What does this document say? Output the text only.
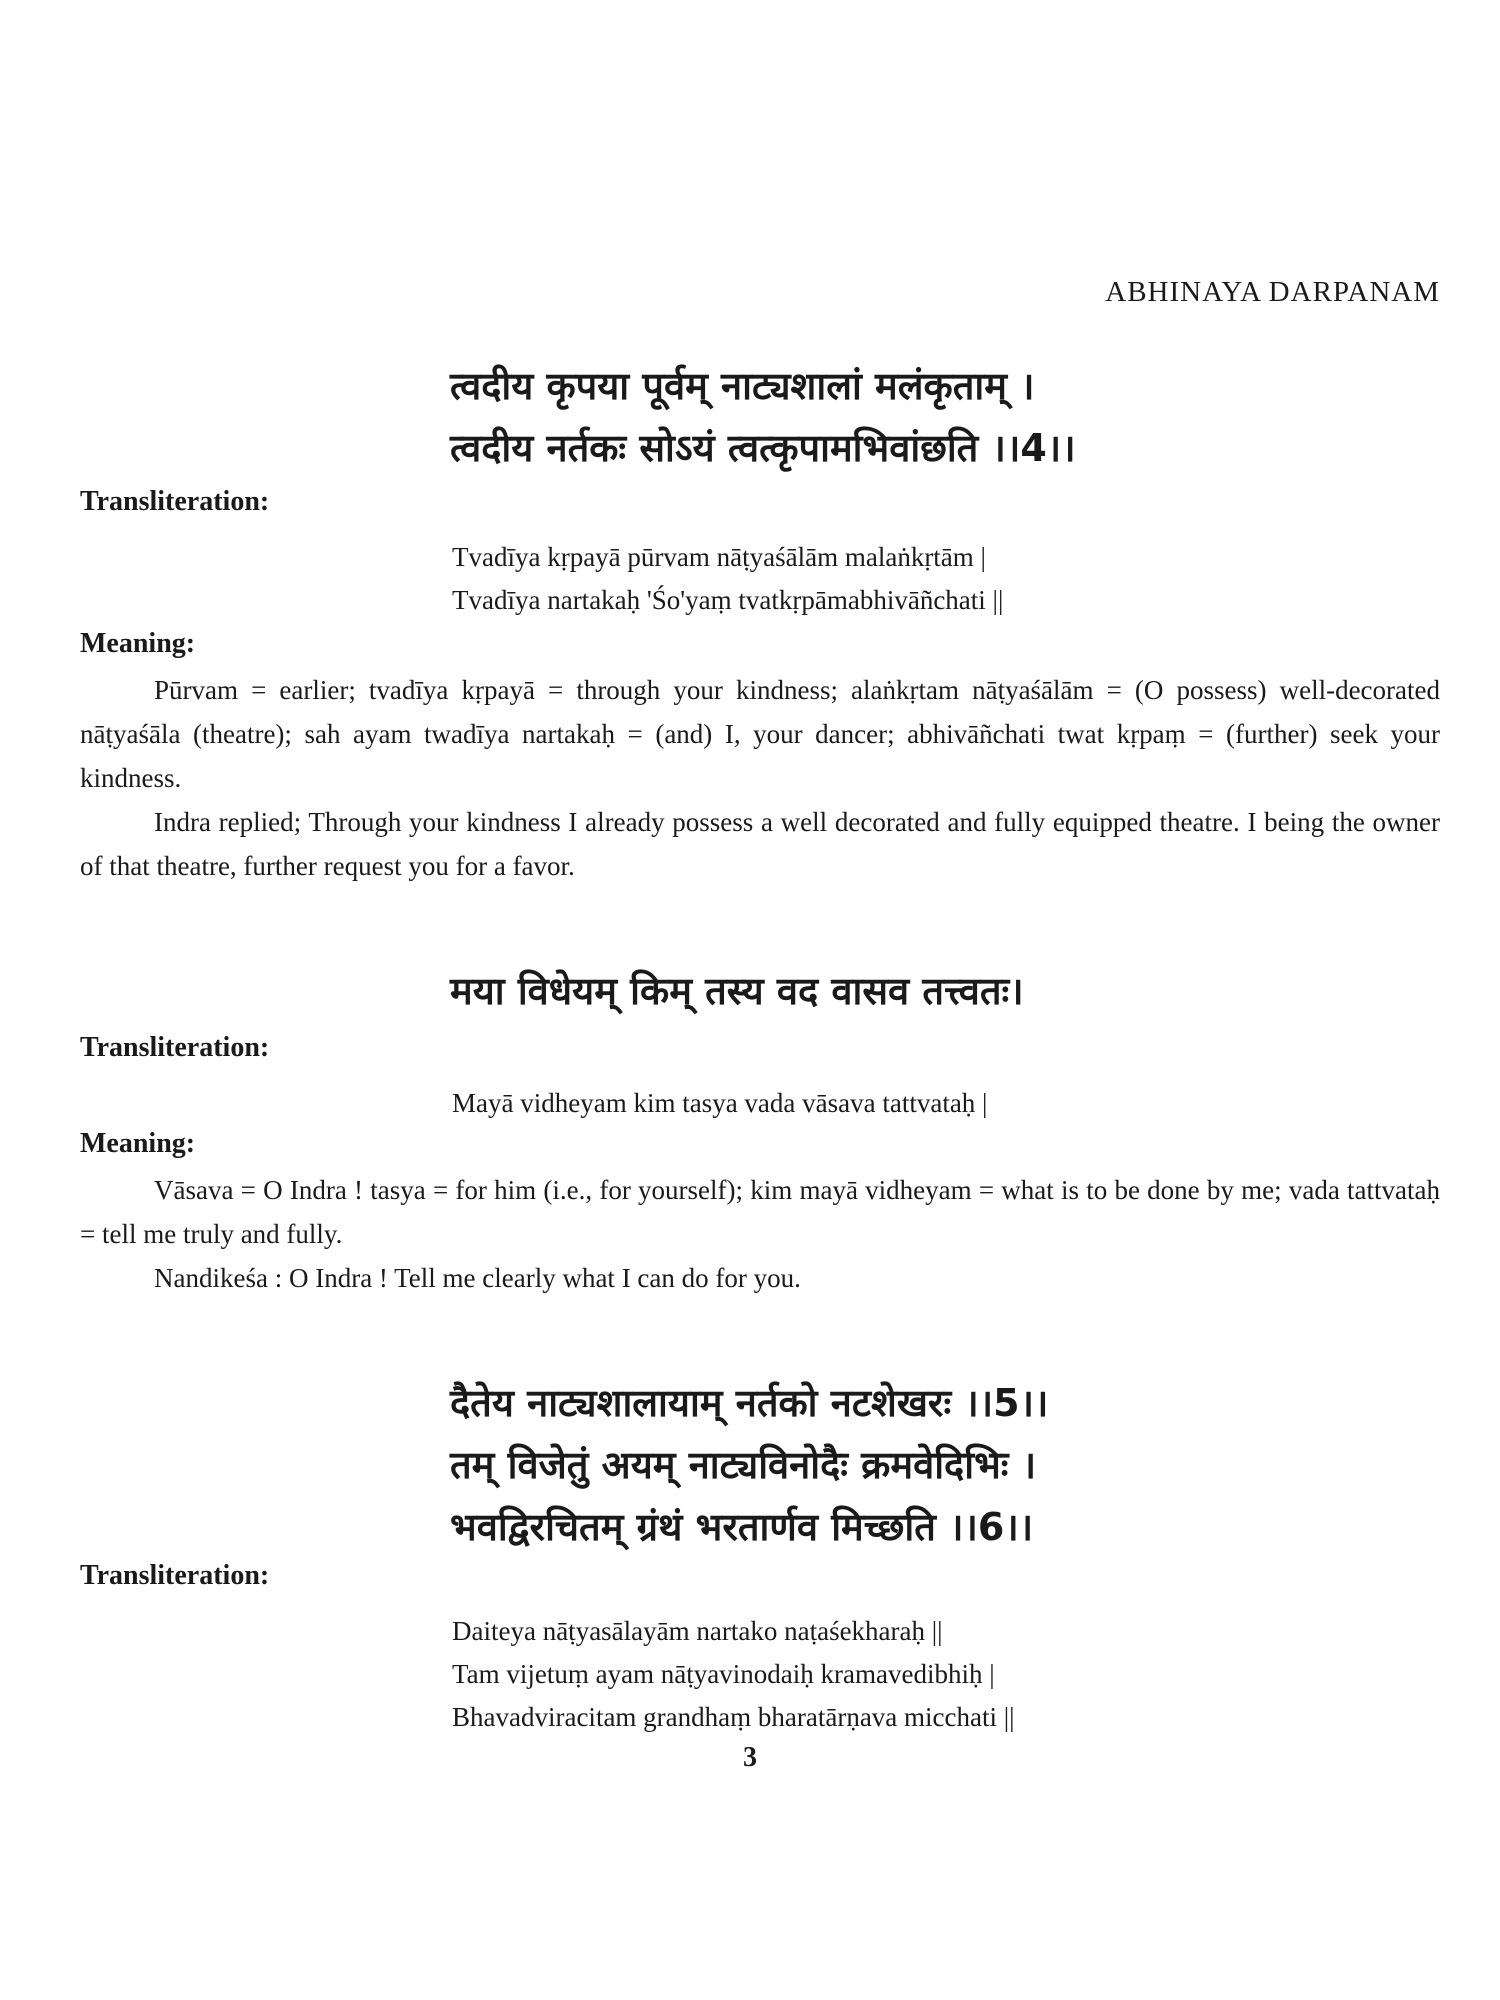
ABHINAYA DARPANAM
त्वदीय कृपया पूर्वम् नाट्यशालां मलंकृताम् ।
त्वदीय नर्तकः सोऽयं त्वत्कृपामभिवांछति ।।4।।
Transliteration:
Tvadīya kṛpayā pūrvam nāṭyaśālām malaṅkṛtām |
Tvadīya nartakaḥ 'Śo'yaṃ tvatkṛpāmabhivāñchati ||
Meaning:

Pūrvam = earlier; tvadīya kṛpayā = through your kindness; alaṅkṛtam nāṭyaśālām = (O possess) well-decorated nāṭyaśāla (theatre); sah ayam twadīya nartakaḥ = (and) I, your dancer; abhivāñchati twat kṛpaṃ = (further) seek your kindness.

Indra replied; Through your kindness I already possess a well decorated and fully equipped theatre. I being the owner of that theatre, further request you for a favor.

मया विधेयम् किम् तस्य वद वासव तत्त्वतः।
Transliteration:
Mayā vidheyam kim tasya vada vāsava tattvataḥ |
Meaning:

Vāsava = O Indra ! tasya = for him (i.e., for yourself); kim mayā vidheyam = what is to be done by me; vada tattvataḥ = tell me truly and fully.

Nandikeśa : O Indra ! Tell me clearly what I can do for you.

दैतेय नाट्यशालायाम् नर्तको नटशेखरः ।।5।।
तम् विजेतुं अयम् नाट्यविनोदैः क्रमवेदिभिः ।
भवद्विरचितम् ग्रंथं भरतार्णव मिच्छति ।।6।।
Transliteration:
Daiteya nāṭyasālayām nartako naṭaśekharaḥ ||
Tam vijetuṃ ayam nāṭyavinodaiḥ kramavedibhiḥ |
Bhavadviracitam grandhaṃ bharatārṇava micchati ||
3
